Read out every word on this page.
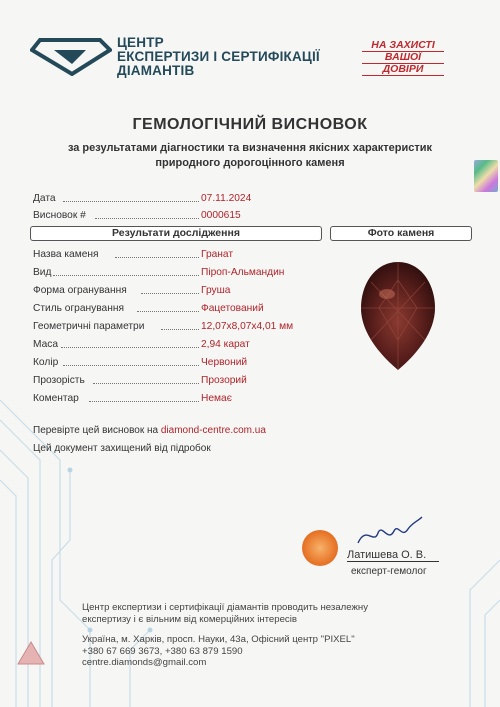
ЦЕНТР
ЕКСПЕРТИЗИ І СЕРТИФІКАЦІЇ
ДІАМАНТІВ
НА ЗАХИСТІ
ВАШОЇ
ДОВІРИ
ГЕМОЛОГІЧНИЙ ВИСНОВОК
за результатами діагностики та визначення якісних характеристик
природного дорогоцінного каменя
Дата	07.11.2024
Висновок #	0000615
Результати дослідження	Фото каменя
Назва каменя	Гранат
Вид	Піроп-Альмандин
Форма огранування	Груша
Стиль огранування	Фацетований
Геометричні параметри	12,07х8,07х4,01 мм
Маса	2,94 карат
Колір	Червоний
Прозорість	Прозорий
Коментар	Немає
Перевірте цей висновок на diamond-centre.com.ua
Цей документ захищений від підробок
Латишева О. В.
експерт-гемолог
Центр експертизи і сертифікації діамантів проводить незалежну
експертизу і є вільним від комерційних інтересів
Україна, м. Харків, просп. Науки, 43а, Офісний центр "PIXEL"
+380 67 669 3673, +380 63 879 1590
centre.diamonds@gmail.com
